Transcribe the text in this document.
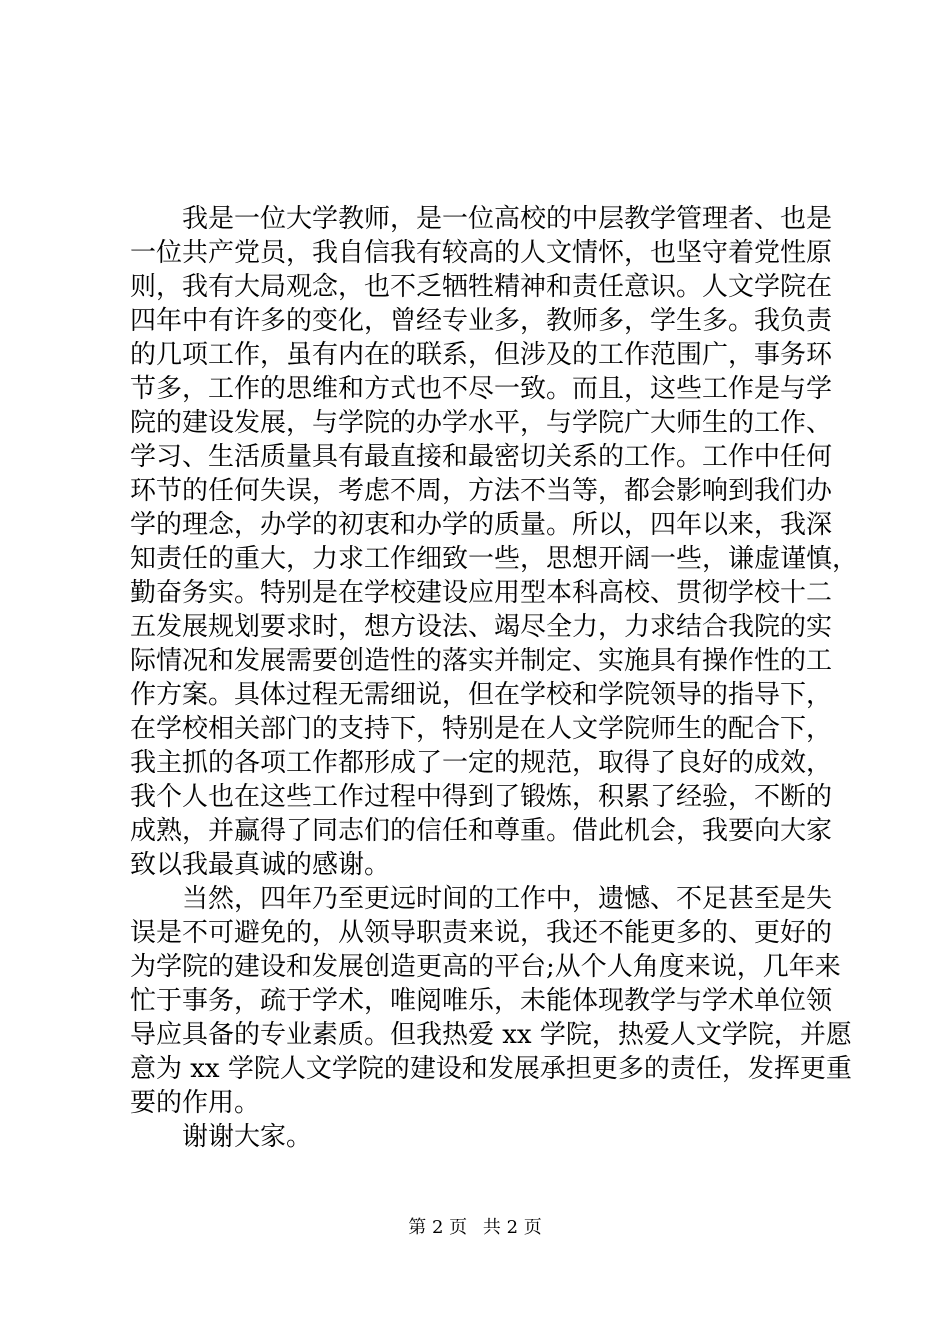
我是一位大学教师，是一位高校的中层教学管理者、也是
一位共产党员，我自信我有较高的人文情怀，也坚守着党性原
则，我有大局观念，也不乏牺牲精神和责任意识。人文学院在
四年中有许多的变化，曾经专业多，教师多，学生多。我负责
的几项工作，虽有内在的联系，但涉及的工作范围广，事务环
节多，工作的思维和方式也不尽一致。而且，这些工作是与学
院的建设发展，与学院的办学水平，与学院广大师生的工作、
学习、生活质量具有最直接和最密切关系的工作。工作中任何
环节的任何失误，考虑不周，方法不当等，都会影响到我们办
学的理念，办学的初衷和办学的质量。所以，四年以来，我深
知责任的重大，力求工作细致一些，思想开阔一些，谦虚谨慎，
勤奋务实。特别是在学校建设应用型本科高校、贯彻学校十二
五发展规划要求时，想方设法、竭尽全力，力求结合我院的实
际情况和发展需要创造性的落实并制定、实施具有操作性的工
作方案。具体过程无需细说，但在学校和学院领导的指导下，
在学校相关部门的支持下，特别是在人文学院师生的配合下，
我主抓的各项工作都形成了一定的规范，取得了良好的成效，
我个人也在这些工作过程中得到了锻炼，积累了经验，不断的
成熟，并赢得了同志们的信任和尊重。借此机会，我要向大家
致以我最真诚的感谢。
当然，四年乃至更远时间的工作中，遗憾、不足甚至是失
误是不可避免的，从领导职责来说，我还不能更多的、更好的
为学院的建设和发展创造更高的平台;从个人角度来说，几年来
忙于事务，疏于学术，唯阅唯乐，未能体现教学与学术单位领
导应具备的专业素质。但我热爱 xx 学院，热爱人文学院，并愿
意为 xx 学院人文学院的建设和发展承担更多的责任，发挥更重
要的作用。
谢谢大家。
第 2 页 共 2 页
